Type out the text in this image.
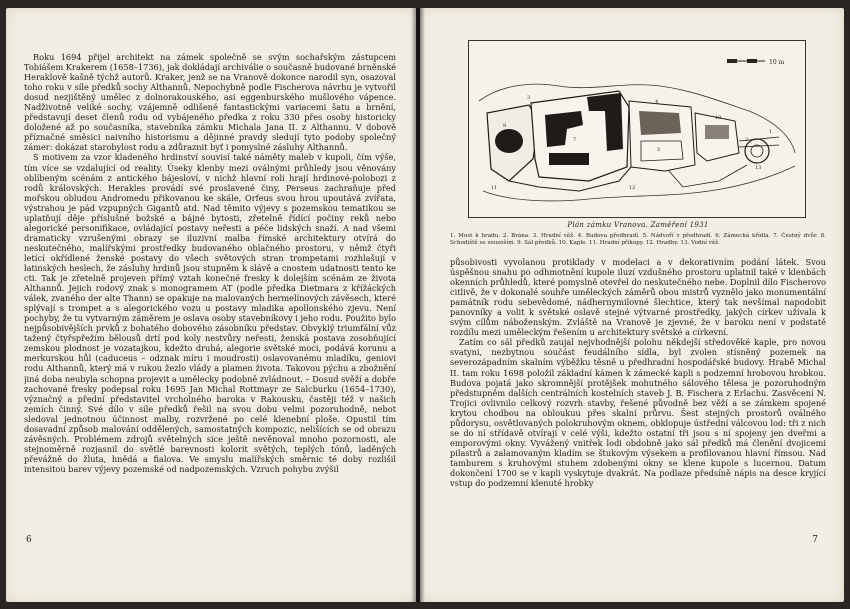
Roku 1694 přijel architekt na zámek společně se svým sochařským zástupcem Tobiášem Krakerem (1658–1736), jak dokládají archiválie o současně budované brněnské Heraklově kašně týchž autorů. Kraker, jenž se na Vranově dokonce narodil syn, osazoval toho roku v síle předků sochy Althannů. Nepochybně podle Fischerova návrhu je vytvořil dosud nezjištěný umělec z dolnorakouského, asi eggenburského mušlového vápence. Nadživotně veliké sochy, vzájemně odlišené fantastickými variacemi šatu a brnění, představují deset členů rodu od vybájeného předka z roku 330 přes osoby historicky doložené až po současníka, stavebníka zámku Michala Jana II. z Althannu. V dobově příznačné směsici naivního historismu a dějinné pravdy sledují tyto podoby společný zámer: dokázat starobylost rodu a zdůraznit byť i pomyslné zásluhy Althannů.

S motivem za vzor kladeného hrdinství souvisí také náměty maleb v kupoli, čím výše, tím více se vzdalující od reality. Úseky klenby mezi oválnými průhledy jsou věnovány oblíbeným scénám z antického bájesloví, v nichž hlavní roli hrají hrdinové-polobozi z rodů královských. Herakles provádí své proslavené činy, Perseus zachraňuje před mořskou obludou Andromedu přikovanou ke skále, Orfeus svou hrou upoutává zvířata, výstrahou je pád vzpupných Gigantů atd. Nad těmito výjevy s pozemskou tematikou se uplatňují děje příslušné božské a bájné bytosti, zřetelně řídící počiny reků nebo alegorické personifikace, ovládající postavy neřesti a péče lidských snaží. A nad všemi dramaticky vzrušenými obrazy se iluzivní malba římské architektury otvírá do neskutečného, malířskými prostředky budovaného oblačného prostoru, v němž čtyři letící okřídlené ženské postavy do všech světových stran trompetami rozhlašují v latinských heslech, že zásluhy hrdinů jsou stupněm k slávě a cnostem udatnosti tento ke cti. Tak je zřetelně projeven přímý vztah konečné fresky k dolejším scénám ze života Althannů. Jejich rodový znak s monogramem AT (podle předka Dietmara z křížáckých válek, zvaného der alte Thann) se opakuje na malovaných hermelínových závěsech, které splývají s trompet a s alegorického vozu u postavy mladika apollonského zjevu. Není pochyby, že tu vytvarným záměrem je oslava osoby stavebníkovy i jeho rodu. Použito bylo nejpůsobivějších prvků z bohatého dobového zásobníku představ. Obvyklý triumfální vůz tažený čtyřspřežím bělousů drtí pod koly nestvůry neřesti, ženská postava zosobňující zemskou plodnost je vozatajkou, kdežto druhá, alegorie světské moci, podává korunu a merkurskou hůl (caduceus – odznak míru i moudrosti) oslavovanému mladíku, geniovi rodu Althannů, který má v rukou žezlo vlády a plamen života. Takovou pýchu a zbožnění jiná doba neubyla schopna projevit a umělecky podobně zvládnout. – Dosud svěží a dobře zachované fresky podepsal roku 1695 Jan Michal Rottmayr ze Salcburku (1654–1730), význačný a přední představitel vrcholného baroka v Rakousku, častěji též v našich zemích činný. Své dílo v síle předků řešil na svou dobu velmi pozoruhodně, nebot sledoval jednotnou účinnost malby, rozvržené po celé klenební ploše. Opustil tím dosavadní způsob malování oddělených, samostatných kompozic, nelišících se od obrazu závěsných. Problémem zdrojů světelných sice ještě nevěnoval mnoho pozornosti, ale stejnoměrně rozjasnil do světlé barevnosti kolorit světých, teplých tónů, laděných převážně do žluta, hnědá a fialova. Ve smyslu malířských směrnic té doby rozlišil intensitou barev výjevy pozemské od nadpozemských. Vzruch pohybu zvýšil

6
10 m
1
2
13
10
4
5
6
7
8
9
11	12
3
Plán zámku Vranova. Zaměření 1931
1. Most k hradu. 2. Brána. 3. Hradní věž. 4. Budova předhradí. 5. Nádvoří v předhradí. 6. Zámecká křídla. 7. Čestný dvůr. 8. Schodiště se sousoším. 9. Sál předků. 10. Kaple. 11. Hradní příkopy. 12. Hradby. 13. Vodní věž.

působivosti vyvolanou protiklady v modelaci a v dekorativním podání látek. Svou úspěšnou snahu po odhmotnění kupole iluzí vzdušného prostoru uplatnil také v klenbách okenních průhledů, které pomyslně otevřel do neskutečného nebe. Doplnil dílo Fischerovo citlivě, že v dokonalé souhře uměleckých záměrů obou mistrů vyznělo jako monumentální památník rodu sebevědomé, nádhernymilovné šlechtice, který tak nevšímal napodobit panovníky a volit k světské oslavě stejné výtvarné prostředky, jakých církev užívala k svým cílům náboženským. Zvláště na Vranově je zjevné, že v baroku není v podstatě rozdílu mezi uměleckým řešením u architektury světské a církevní.

Zatím co sál předků zaujal nejvhodnější polohu někdejší středověké kaple, pro novou svatyni, nezbytnou součást feudálního sídla, byl zvolen stísněný pozemek na severozápadním skalním výběžku těsně u předhradní hospodářské budovy. Hrabě Michal II. tam roku 1698 položil základní kámen k zámecké kapli s podzemní hrobovou hrobkou. Budova pojatá jako skromnější protějšek mohutného sálového tělesa je pozoruhodným předstupněm dalších centrálních kostelních staveb J. B. Fischera z Erlachu. Zasvěcení N. Trojici ovlivnilo celkový rozvrh stavby, řešené původně bez věží a se zámkem spojené krytou chodbou na obloukuu přes skalní průrvu. Šest stejných prostorů oválného půdorysu, osvětlovaných polokruhovým oknem, obklopuje ústřední válcovou lod: tři z nich se do ní střídavě otvírají v celé výši, kdežto ostatní tři jsou s ní spojeny jen dveřmi a emporovými okny. Vyvážený vnitřek lodi obdobně jako sál předků má členění dvojicemi pilastrů a zalamovaným kladím se štukovým výsekem a profilovanou hlavní římsou. Nad tamburem s kruhovými stuhem zdobenými okny se klene kupole s lucernou. Datum dokončení 1700 se v kapli vyskytuje dvakrát. Na podlaze předsíně nápis na desce kryjící vstup do podzemní klenuté hrobky

7
